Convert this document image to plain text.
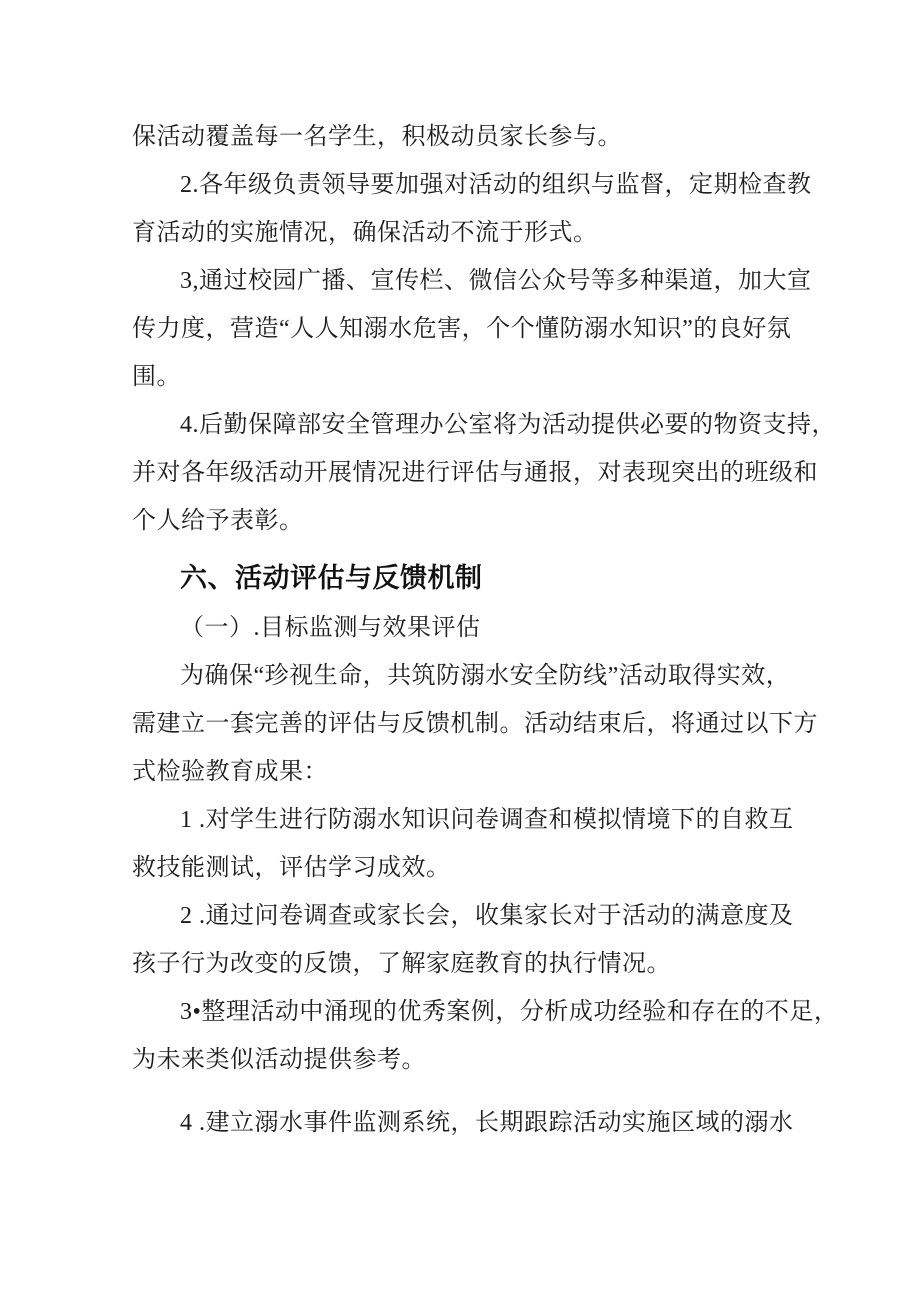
保活动覆盖每一名学生，积极动员家长参与。
2.各年级负责领导要加强对活动的组织与监督，定期检查教
育活动的实施情况，确保活动不流于形式。
3,通过校园广播、宣传栏、微信公众号等多种渠道，加大宣
传力度，营造“人人知溺水危害，个个懂防溺水知识”的良好氛
围。
4.后勤保障部安全管理办公室将为活动提供必要的物资支持，
并对各年级活动开展情况进行评估与通报，对表现突出的班级和
个人给予表彰。
六、活动评估与反馈机制
（一）.目标监测与效果评估
为确保“珍视生命，共筑防溺水安全防线”活动取得实效，
需建立一套完善的评估与反馈机制。活动结束后，将通过以下方
式检验教育成果：
1 .对学生进行防溺水知识问卷调查和模拟情境下的自救互
救技能测试，评估学习成效。
2 .通过问卷调查或家长会，收集家长对于活动的满意度及
孩子行为改变的反馈，了解家庭教育的执行情况。
3•整理活动中涌现的优秀案例，分析成功经验和存在的不足，
为未来类似活动提供参考。
4 .建立溺水事件监测系统，长期跟踪活动实施区域的溺水
